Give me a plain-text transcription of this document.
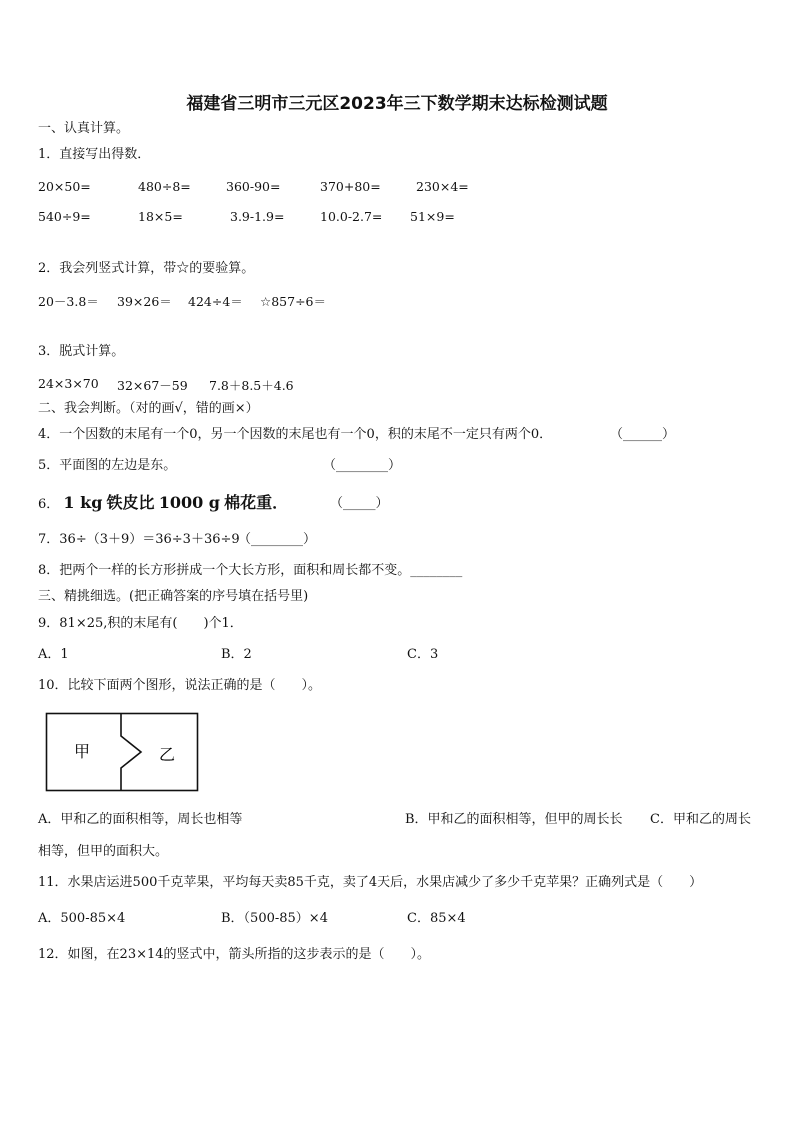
福建省三明市三元区2023年三下数学期末达标检测试题
一、认真计算。
1．直接写出得数．
20×50=	480÷8=	360-90=	370+80=	230×4=
540÷9=	18×5=	3.9-1.9=	10.0-2.7= 51×9=
2．我会列竖式计算，带☆的要验算。
20－3.8＝ 39×26＝ 424÷4＝ ☆857÷6＝
3．脱式计算。
24×3×70 32×67－59 7.8＋8.5＋4.6
二、我会判断。（对的画√，错的画×）
4．一个因数的末尾有一个0，另一个因数的末尾也有一个0，积的末尾不一定只有两个0．	（______）
5．平面图的左边是东。	（________）
6． 1 kg 铁皮比 1000 g 棉花重．	（_____）
7．36÷（3＋9）＝36÷3＋36÷9
（________）
8．把两个一样的长方形拼成一个大长方形，面积和周长都不变。________
三、精挑细选。(把正确答案的序号填在括号里)
9．81×25,积的末尾有(　　)个1．
A．1	B．2	C．3
10．比较下面两个图形，说法正确的是（　　）。
甲	乙
A．甲和乙的面积相等，周长也相等	B．甲和乙的面积相等，但甲的周长长 C．甲和乙的周长
相等，但甲的面积大。
11．水果店运进500千克苹果，平均每天卖85千克，卖了4天后，水果店减少了多少千克苹果？正确列式是（　　）
A．500-85×4	B．（500-85）×4	C．85×4
12．如图，在23×14的竖式中，箭头所指的这步表示的是（　　）。
